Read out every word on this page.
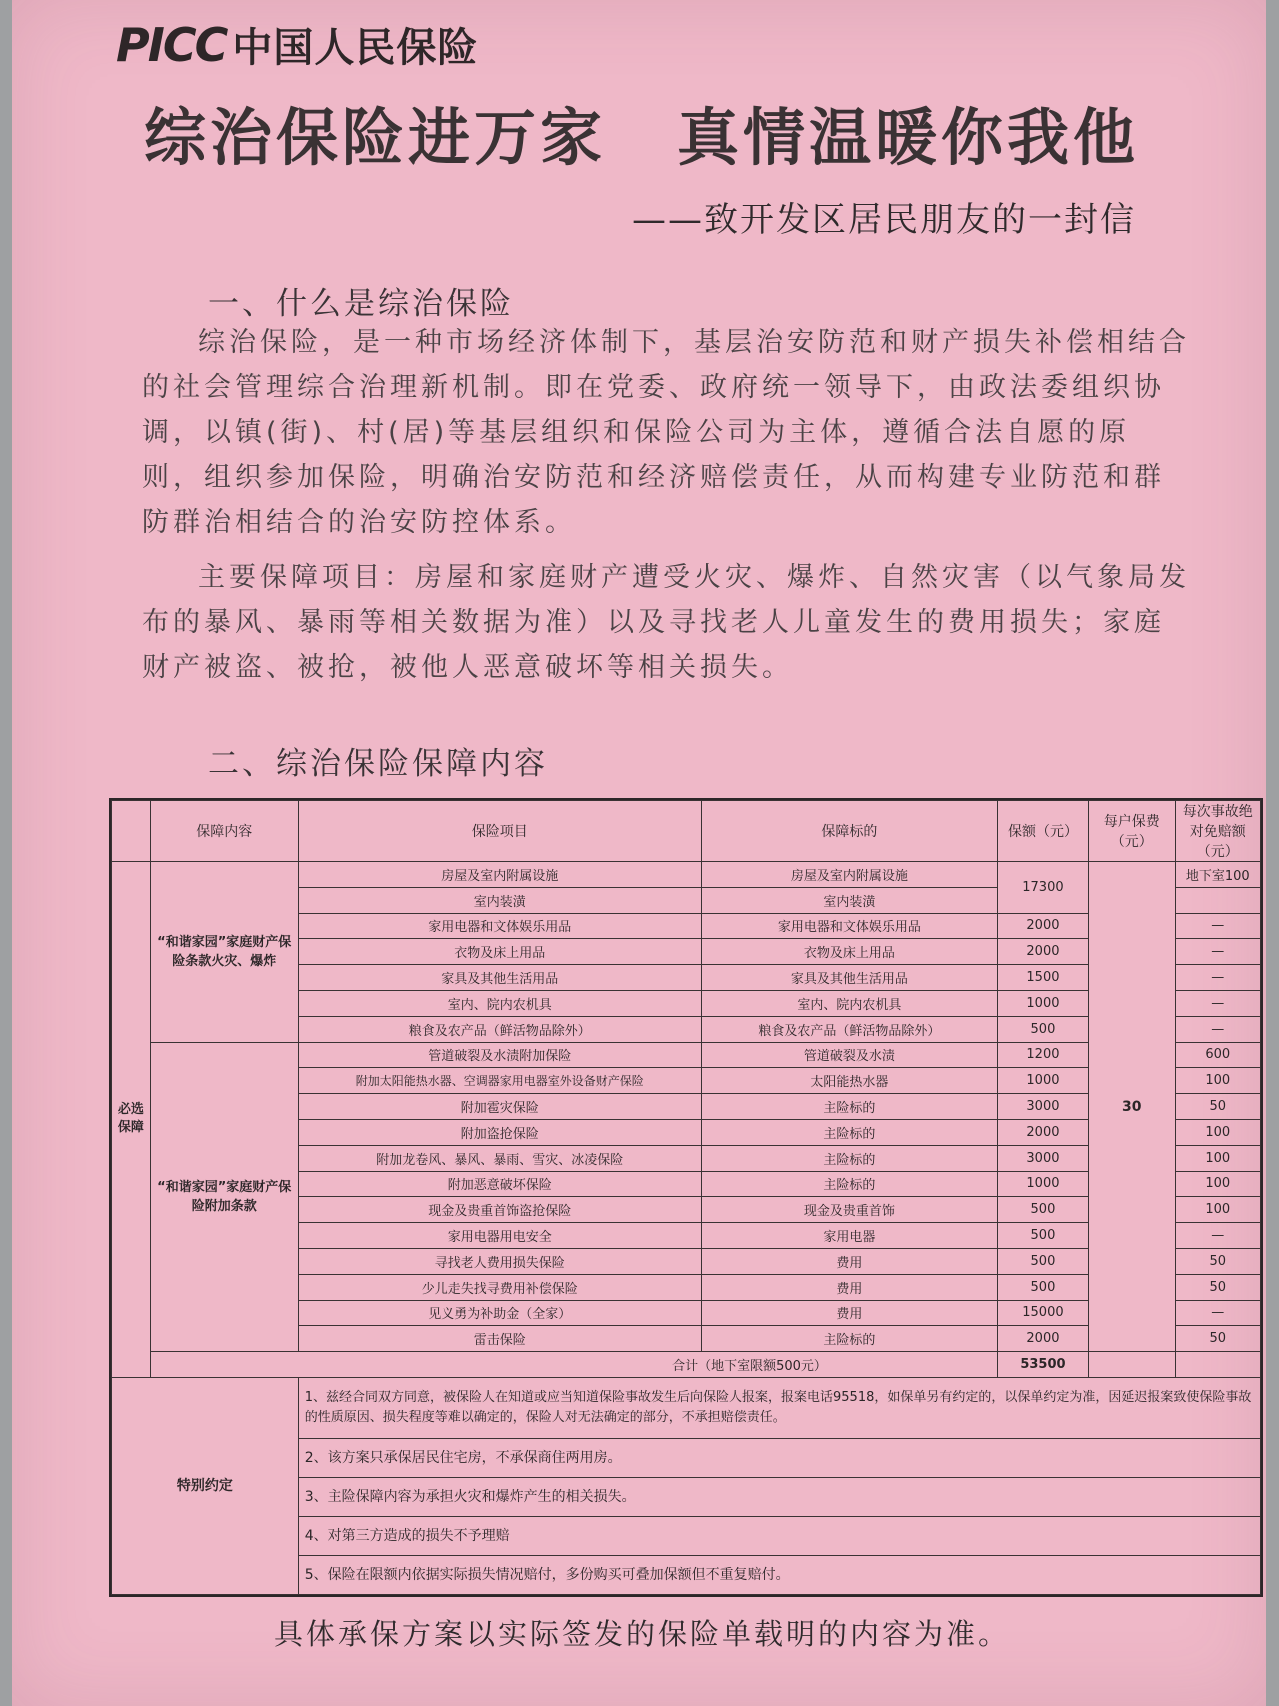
PICC 中国人民保险
综治保险进万家 真情温暖你我他
——致开发区居民朋友的一封信
一、什么是综治保险

综治保险，是一种市场经济体制下，基层治安防范和财产损失补偿相结合的社会管理综合治理新机制。即在党委、政府统一领导下，由政法委组织协调，以镇(街)、村(居)等基层组织和保险公司为主体，遵循合法自愿的原则，组织参加保险，明确治安防范和经济赔偿责任，从而构建专业防范和群防群治相结合的治安防控体系。

主要保障项目：房屋和家庭财产遭受火灾、爆炸、自然灾害（以气象局发布的暴风、暴雨等相关数据为准）以及寻找老人儿童发生的费用损失；家庭财产被盗、被抢，被他人恶意破坏等相关损失。

二、综治保险保障内容
	保障内容	保险项目	保障标的	保额（元）	每户保费（元）	每次事故绝对免赔额（元）
必选保障	“和谐家园”家庭财产保险条款火灾、爆炸	房屋及室内附属设施	房屋及室内附属设施	17300	30	地下室100
		室内装潢	室内装潢			
		家用电器和文体娱乐用品	家用电器和文体娱乐用品	2000		—
		衣物及床上用品	衣物及床上用品	2000		—
		家具及其他生活用品	家具及其他生活用品	1500		—
		室内、院内农机具	室内、院内农机具	1000		—
		粮食及农产品（鲜活物品除外）	粮食及农产品（鲜活物品除外）	500		—
	“和谐家园”家庭财产保险附加条款	管道破裂及水渍附加保险	管道破裂及水渍	1200		600
		附加太阳能热水器、空调器家用电器室外设备财产保险	太阳能热水器	1000		100
		附加雹灾保险	主险标的	3000		50
		附加盗抢保险	主险标的	2000		100
		附加龙卷风、暴风、暴雨、雪灾、冰凌保险	主险标的	3000		100
		附加恶意破坏保险	主险标的	1000		100
		现金及贵重首饰盗抢保险	现金及贵重首饰	500		100
		家用电器用电安全	家用电器	500		—
		寻找老人费用损失保险	费用	500		50
		少儿走失找寻费用补偿保险	费用	500		50
		见义勇为补助金（全家）	费用	15000		—
		雷击保险	主险标的	2000		50
	合计（地下室限额500元）			53500		
特别约定		1、兹经合同双方同意，被保险人在知道或应当知道保险事故发生后向保险人报案，报案电话95518，如保单另有约定的，以保单约定为准，因延迟报案致使保险事故的性质原因、损失程度等难以确定的，保险人对无法确定的部分，不承担赔偿责任。				
		2、该方案只承保居民住宅房，不承保商住两用房。				
		3、主险保障内容为承担火灾和爆炸产生的相关损失。				
		4、对第三方造成的损失不予理赔				
		5、保险在限额内依据实际损失情况赔付，多份购买可叠加保额但不重复赔付。				
具体承保方案以实际签发的保险单载明的内容为准。
